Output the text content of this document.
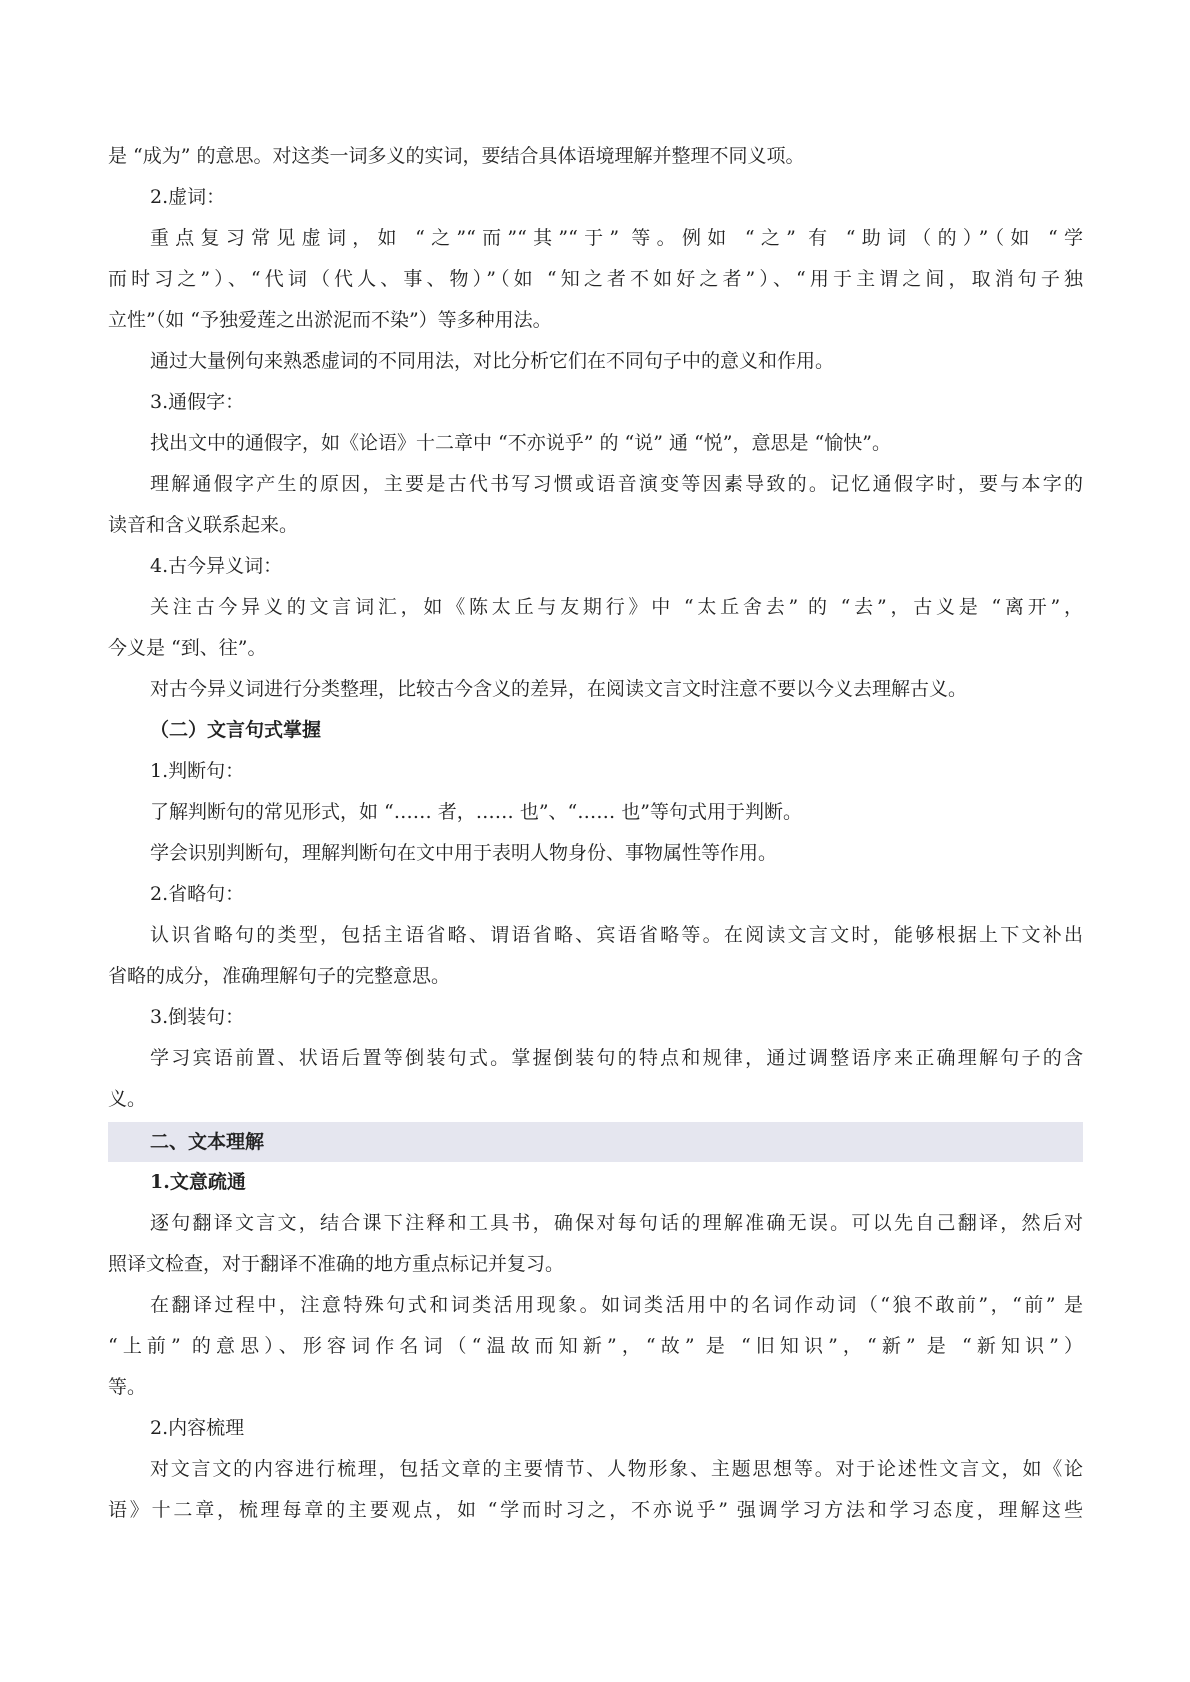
是 “成为” 的意思。对这类一词多义的实词，要结合具体语境理解并整理不同义项。
2.虚词：
重点复习常见虚词，如 “之”“而”“其”“于” 等。例如 “之” 有 “助词（的）”（如 “学
而时习之”）、“代词（代人、事、物）”（如 “知之者不如好之者”）、“用于主谓之间，取消句子独
立性”（如 “予独爱莲之出淤泥而不染”）等多种用法。
通过大量例句来熟悉虚词的不同用法，对比分析它们在不同句子中的意义和作用。
3.通假字：
找出文中的通假字，如《论语》十二章中 “不亦说乎” 的 “说” 通 “悦”，意思是 “愉快”。
理解通假字产生的原因，主要是古代书写习惯或语音演变等因素导致的。记忆通假字时，要与本字的
读音和含义联系起来。
4.古今异义词：
关注古今异义的文言词汇，如《陈太丘与友期行》中 “太丘舍去” 的 “去”，古义是 “离开”，
今义是 “到、往”。
对古今异义词进行分类整理，比较古今含义的差异，在阅读文言文时注意不要以今义去理解古义。
（二）文言句式掌握
1.判断句：
了解判断句的常见形式，如 “…… 者，…… 也”、“…… 也”等句式用于判断。
学会识别判断句，理解判断句在文中用于表明人物身份、事物属性等作用。
2.省略句：
认识省略句的类型，包括主语省略、谓语省略、宾语省略等。在阅读文言文时，能够根据上下文补出
省略的成分，准确理解句子的完整意思。
3.倒装句：
学习宾语前置、状语后置等倒装句式。掌握倒装句的特点和规律，通过调整语序来正确理解句子的含
义。
二、文本理解
1.文意疏通
逐句翻译文言文，结合课下注释和工具书，确保对每句话的理解准确无误。可以先自己翻译，然后对
照译文检查，对于翻译不准确的地方重点标记并复习。
在翻译过程中，注意特殊句式和词类活用现象。如词类活用中的名词作动词（“狼不敢前”，“前” 是
“上前” 的意思）、形容词作名词（“温故而知新”，“故” 是 “旧知识”，“新” 是 “新知识”）
等。
2.内容梳理
对文言文的内容进行梳理，包括文章的主要情节、人物形象、主题思想等。对于论述性文言文，如《论
语》十二章，梳理每章的主要观点，如 “学而时习之，不亦说乎” 强调学习方法和学习态度，理解这些
